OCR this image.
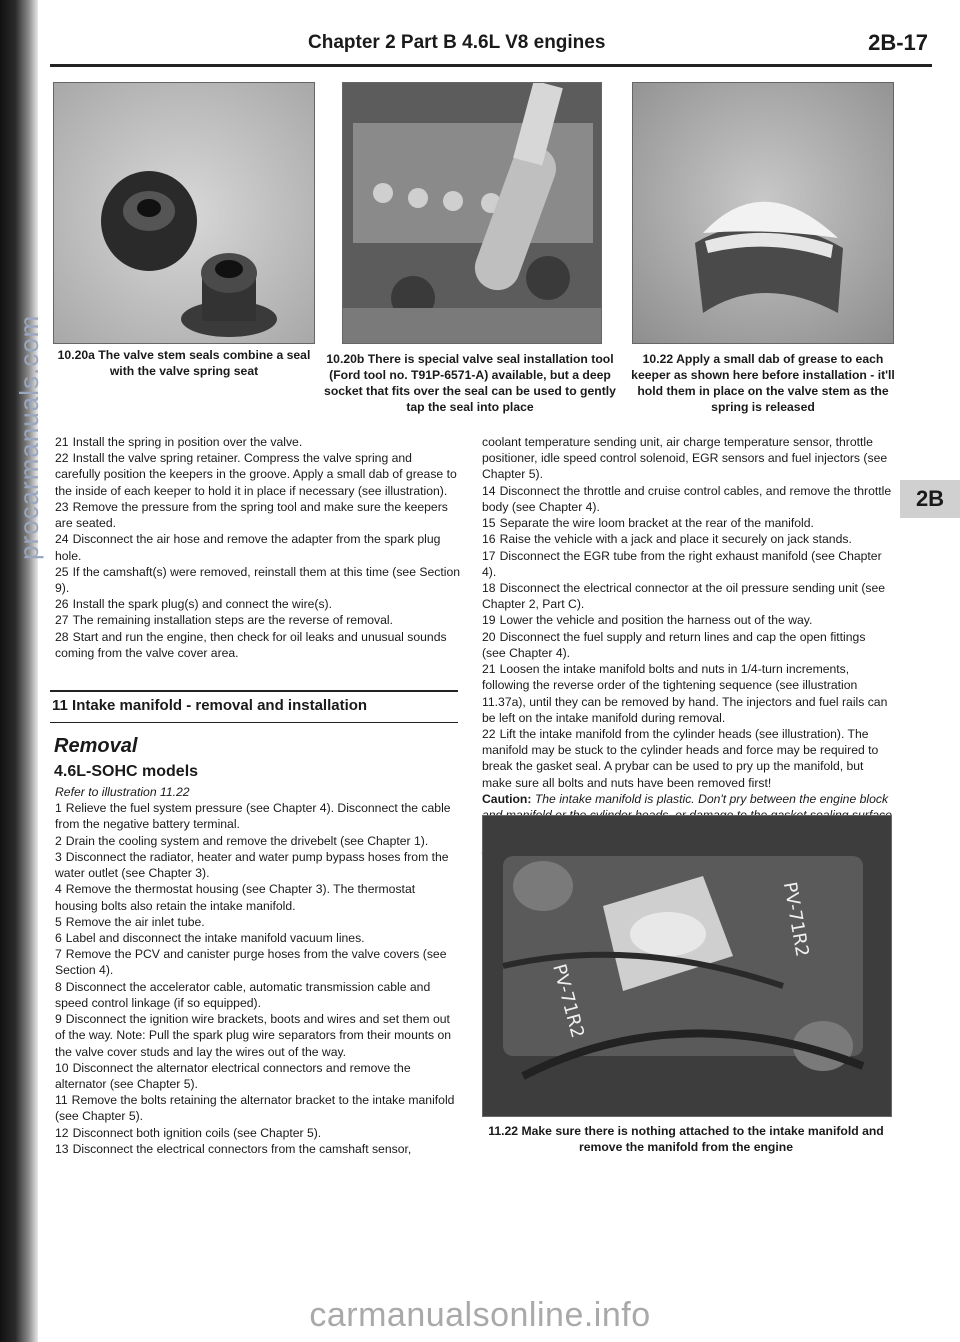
procarmanuals.com
Chapter 2 Part B 4.6L V8 engines	2B-17
10.20a The valve stem seals combine a seal with the valve spring seat
10.20b There is special valve seal installation tool (Ford tool no. T91P-6571-A) available, but a deep socket that fits over the seal can be used to gently tap the seal into place
10.22 Apply a small dab of grease to each keeper as shown here before installation - it'll hold them in place on the valve stem as the spring is released

21 Install the spring in position over the valve.

22 Install the valve spring retainer. Compress the valve spring and carefully position the keepers in the groove. Apply a small dab of grease to the inside of each keeper to hold it in place if necessary (see illustration).

23 Remove the pressure from the spring tool and make sure the keepers are seated.

24 Disconnect the air hose and remove the adapter from the spark plug hole.

25 If the camshaft(s) were removed, reinstall them at this time (see Section 9).

26 Install the spark plug(s) and connect the wire(s).

27 The remaining installation steps are the reverse of removal.

28 Start and run the engine, then check for oil leaks and unusual sounds coming from the valve cover area.

11 Intake manifold - removal and installation
Removal
4.6L-SOHC models

Refer to illustration 11.22

1 Relieve the fuel system pressure (see Chapter 4). Disconnect the cable from the negative battery terminal.

2 Drain the cooling system and remove the drivebelt (see Chapter 1).

3 Disconnect the radiator, heater and water pump bypass hoses from the water outlet (see Chapter 3).

4 Remove the thermostat housing (see Chapter 3). The thermostat housing bolts also retain the intake manifold.

5 Remove the air inlet tube.

6 Label and disconnect the intake manifold vacuum lines.

7 Remove the PCV and canister purge hoses from the valve covers (see Section 4).

8 Disconnect the accelerator cable, automatic transmission cable and speed control linkage (if so equipped).

9 Disconnect the ignition wire brackets, boots and wires and set them out of the way. Note: Pull the spark plug wire separators from their mounts on the valve cover studs and lay the wires out of the way.

10 Disconnect the alternator electrical connectors and remove the alternator (see Chapter 5).

11 Remove the bolts retaining the alternator bracket to the intake manifold (see Chapter 5).

12 Disconnect both ignition coils (see Chapter 5).

13 Disconnect the electrical connectors from the camshaft sensor,

coolant temperature sending unit, air charge temperature sensor, throttle positioner, idle speed control solenoid, EGR sensors and fuel injectors (see Chapter 5).

14 Disconnect the throttle and cruise control cables, and remove the throttle body (see Chapter 4).

15 Separate the wire loom bracket at the rear of the manifold.

16 Raise the vehicle with a jack and place it securely on jack stands.

17 Disconnect the EGR tube from the right exhaust manifold (see Chapter 4).

18 Disconnect the electrical connector at the oil pressure sending unit (see Chapter 2, Part C).

19 Lower the vehicle and position the harness out of the way.

20 Disconnect the fuel supply and return lines and cap the open fittings (see Chapter 4).

21 Loosen the intake manifold bolts and nuts in 1/4-turn increments, following the reverse order of the tightening sequence (see illustration 11.37a), until they can be removed by hand. The injectors and fuel rails can be left on the intake manifold during removal.

22 Lift the intake manifold from the cylinder heads (see illustration). The manifold may be stuck to the cylinder heads and force may be required to break the gasket seal. A prybar can be used to pry up the manifold, but make sure all bolts and nuts have been removed first!

Caution: The intake manifold is plastic. Don't pry between the engine block

2B
PV-71R2
PV-71R2
11.22 Make sure there is nothing attached to the intake manifold and remove the manifold from the engine
carmanualsonline.info
